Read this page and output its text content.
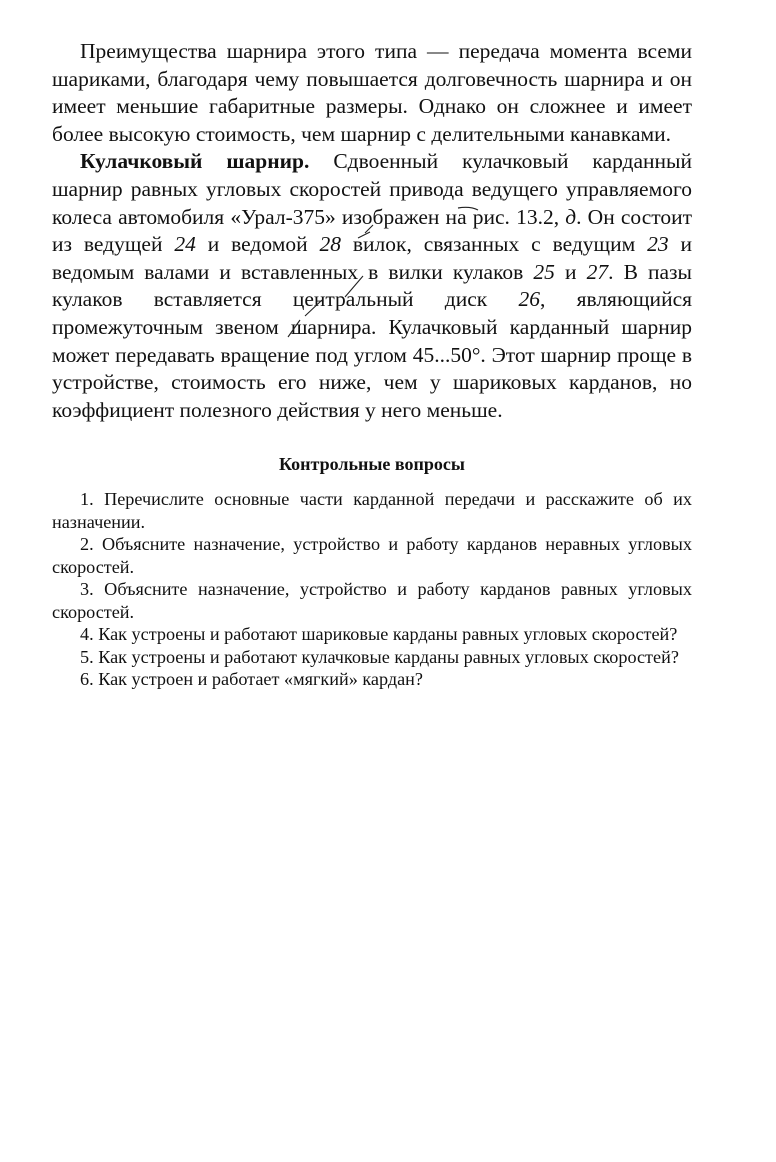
Преимущества шарнира этого типа — передача момента всеми шариками, благодаря чему повышается долговечность шарнира и он имеет меньшие габаритные размеры. Однако он сложнее и имеет более высокую стоимость, чем шарнир с делительными канавками.

Кулачковый шарнир. Сдвоенный кулачковый карданный шарнир равных угловых скоростей привода ведущего управляемого колеса автомобиля «Урал-375» изображен на рис. 13.2, д. Он состоит из ведущей 24 и ведомой 28 вилок, связанных с ведущим 23 и ведомым валами и вставленных в вилки кулаков 25 и 27. В пазы кулаков вставляется центральный диск 26, являющийся промежуточным звеном шарнира. Кулачковый карданный шарнир может передавать вращение под углом 45...50°. Этот шарнир проще в устройстве, стоимость его ниже, чем у шариковых карданов, но коэффициент полезного действия у него меньше.

Контрольные вопросы

1. Перечислите основные части карданной передачи и расскажите об их назначении.

2. Объясните назначение, устройство и работу карданов неравных угловых скоростей.

3. Объясните назначение, устройство и работу карданов равных угловых скоростей.

4. Как устроены и работают шариковые карданы равных угловых скоростей?

5. Как устроены и работают кулачковые карданы равных угловых скоростей?

6. Как устроен и работает «мягкий» кардан?
